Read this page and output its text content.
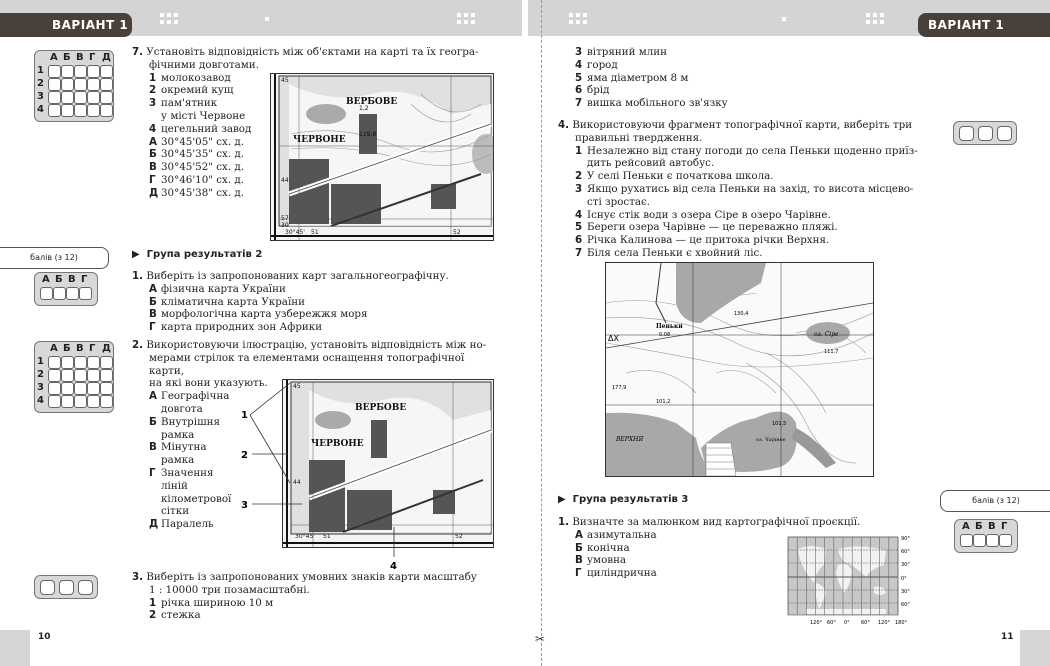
✂
ВАРІАНТ 1	ВАРІАНТ 1
10	11
А Б В Г Д
1
2
3
4
7. Установіть відповідність між об'єктами на карті та їх геогра-
фічними довготами.
1 молокозавод
2 окремий кущ
3 пам'ятник
у місті Червоне
4 цегельний завод
А 30°45'05" сх. д.
Б 30°45'35" сх. д.
В 30°45'52" сх. д.
Г 30°46'10" сх. д.
Д 30°45'38" сх. д.
ВЕРБОВЕ
ЧЕРВОНЕ
45
44
51	52
57'
30'
30°45'
119,8
1,2
балів (з 12)	▶ Група результатів 2
А Б В Г	1. Виберіть із запропонованих карт загальногеографічну.
А фізична карта України
Б кліматична карта України
В морфологічна карта узбережжя моря
Г карта природних зон Африки
А Б В Г Д
1
2
3
4
2. Використовуючи ілюстрацію, установіть відповідність між но-
мерами стрілок та елементами оснащення топографічної карти,
на які вони указують.
А Географічна
довгота
Б Внутрішня
рамка
В Мінутна
рамка
Г Значення
ліній
кілометрової
сітки
Д Паралель
ВЕРБОВЕ
ЧЕРВОНЕ
45
44
51	52
30°45'
1
2
3
4
3. Виберіть із запропонованих умовних знаків карти масштабу
1 : 10000 три позамасштабні.
1 річка шириною 10 м
2 стежка
3 вітряний млин
4 город
5 яма діаметром 8 м
6 брід
7 вишка мобільного зв'язку
4. Використовуючи фрагмент топографічної карти, виберіть три
правильні твердження.
1 Незалежно від стану погоди до села Пеньки щоденно приїз-
дить рейсовий автобус.
2 У селі Пеньки є початкова школа.
3 Якщо рухатись від села Пеньки на захід, то висота місцево-
сті зростає.
4 Існує стік води з озера Сіре в озеро Чарівне.
5 Береги озера Чарівне — це переважно пляжі.
6 Річка Калинова — це притока річки Верхня.
7 Біля села Пеньки є хвойний ліс.
Пеньки
0,08	оз. Сіре
оз. Чарівне
ВЕРХНЯ
130,4
111,7
177,9
101,5
101,2
ΔX
▶ Група результатів 3	балів (з 12)
А Б В Г
1. Визначте за малюнком вид картографічної проєкції.
А азимутальна
Б конічна
В умовна
Г циліндрична
90°
60°
30°
0°
30°
60°
120° 60° 0° 60° 120° 180°
